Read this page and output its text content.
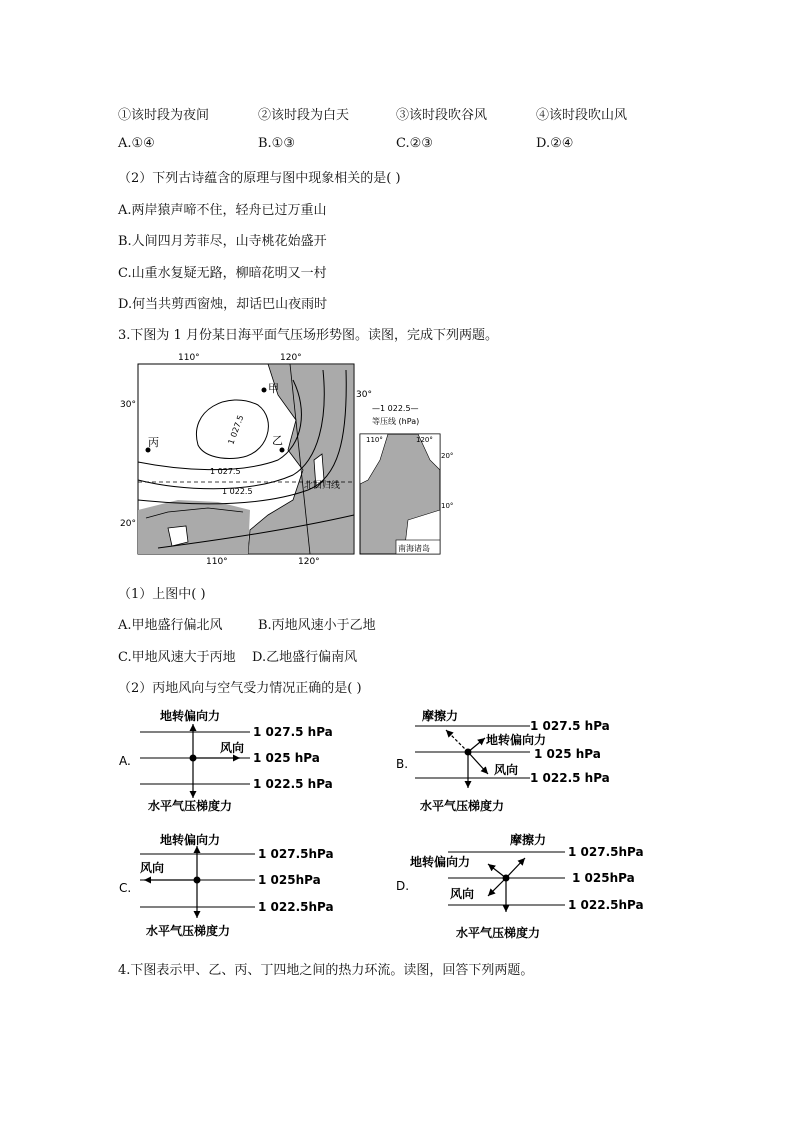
①该时段为夜间	②该时段为白天	③该时段吹谷风	④该时段吹山风
A.①④	B.①③	C.②③	D.②④
（2）下列古诗蕴含的原理与图中现象相关的是( )
A.两岸猿声啼不住，轻舟已过万重山
B.人间四月芳菲尽，山寺桃花始盛开
C.山重水复疑无路，柳暗花明又一村
D.何当共剪西窗烛，却话巴山夜雨时
3.下图为 1 月份某日海平面气压场形势图。读图，完成下列两题。
甲
乙
丙	1 027.5
1 027.5
1 022.5
北回归线
110°	120°
110°	120°
30°
20°
30°
—1 022.5—
等压线 (hPa)
110°	120°
20°
10°
南海诸岛
（1）上图中( )
A.甲地盛行偏北风	B.丙地风速小于乙地
C.甲地风速大于丙地 D.乙地盛行偏南风
（2）丙地风向与空气受力情况正确的是( )
A.
地转偏向力
风向
1 027.5 hPa
1 025 hPa
1 022.5 hPa
水平气压梯度力
B.
摩擦力
地转偏向力
风向
1 027.5 hPa
1 025 hPa
1 022.5 hPa
水平气压梯度力
C.
地转偏向力
风向
1 027.5hPa
1 025hPa
1 022.5hPa
水平气压梯度力
D.
摩擦力
地转偏向力
风向
1 027.5hPa
1 025hPa
1 022.5hPa
水平气压梯度力
4.下图表示甲、乙、丙、丁四地之间的热力环流。读图，回答下列两题。
